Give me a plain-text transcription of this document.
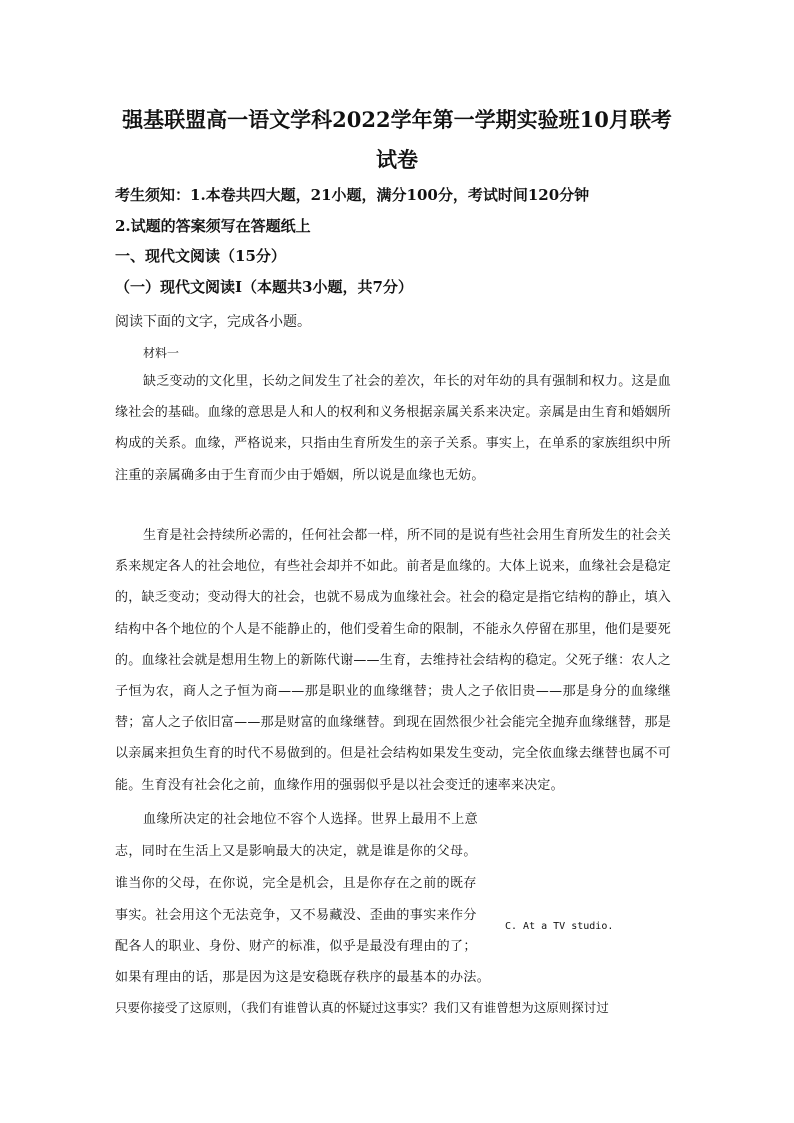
强基联盟高一语文学科2022学年第一学期实验班10月联考
试卷
考生须知：1.本卷共四大题，21小题，满分100分，考试时间120分钟
2.试题的答案须写在答题纸上
一、现代文阅读（15分）
（一）现代文阅读Ⅰ（本题共3小题，共7分）
阅读下面的文字，完成各小题。
材料一
缺乏变动的文化里，长幼之间发生了社会的差次，年长的对年幼的具有强制和权力。这是血缘社会的基础。血缘的意思是人和人的权利和义务根据亲属关系来决定。亲属是由生育和婚姻所构成的关系。血缘，严格说来，只指由生育所发生的亲子关系。事实上，在单系的家族组织中所注重的亲属确多由于生育而少由于婚姻，所以说是血缘也无妨。
生育是社会持续所必需的，任何社会都一样，所不同的是说有些社会用生育所发生的社会关系来规定各人的社会地位，有些社会却并不如此。前者是血缘的。大体上说来，血缘社会是稳定的，缺乏变动；变动得大的社会，也就不易成为血缘社会。社会的稳定是指它结构的静止，填入结构中各个地位的个人是不能静止的，他们受着生命的限制，不能永久停留在那里，他们是要死的。血缘社会就是想用生物上的新陈代谢——生育，去维持社会结构的稳定。父死子继：农人之子恒为农，商人之子恒为商——那是职业的血缘继替；贵人之子依旧贵——那是身分的血缘继替；富人之子依旧富——那是财富的血缘继替。到现在固然很少社会能完全抛弃血缘继替，那是以亲属来担负生育的时代不易做到的。但是社会结构如果发生变动，完全依血缘去继替也属不可能。生育没有社会化之前，血缘作用的强弱似乎是以社会变迁的速率来决定。
血缘所决定的社会地位不容个人选择。世界上最用不上意
志，同时在生活上又是影响最大的决定，就是谁是你的父母。
谁当你的父母，在你说，完全是机会，且是你存在之前的既存
事实。社会用这个无法竞争，又不易藏没、歪曲的事实来作分
配各人的职业、身份、财产的标准，似乎是最没有理由的了；
如果有理由的话，那是因为这是安稳既存秩序的最基本的办法。
只要你接受了这原则，（我们有谁曾认真的怀疑过这事实？我们又有谁曾想为这原则探讨过
C. At a TV studio.
